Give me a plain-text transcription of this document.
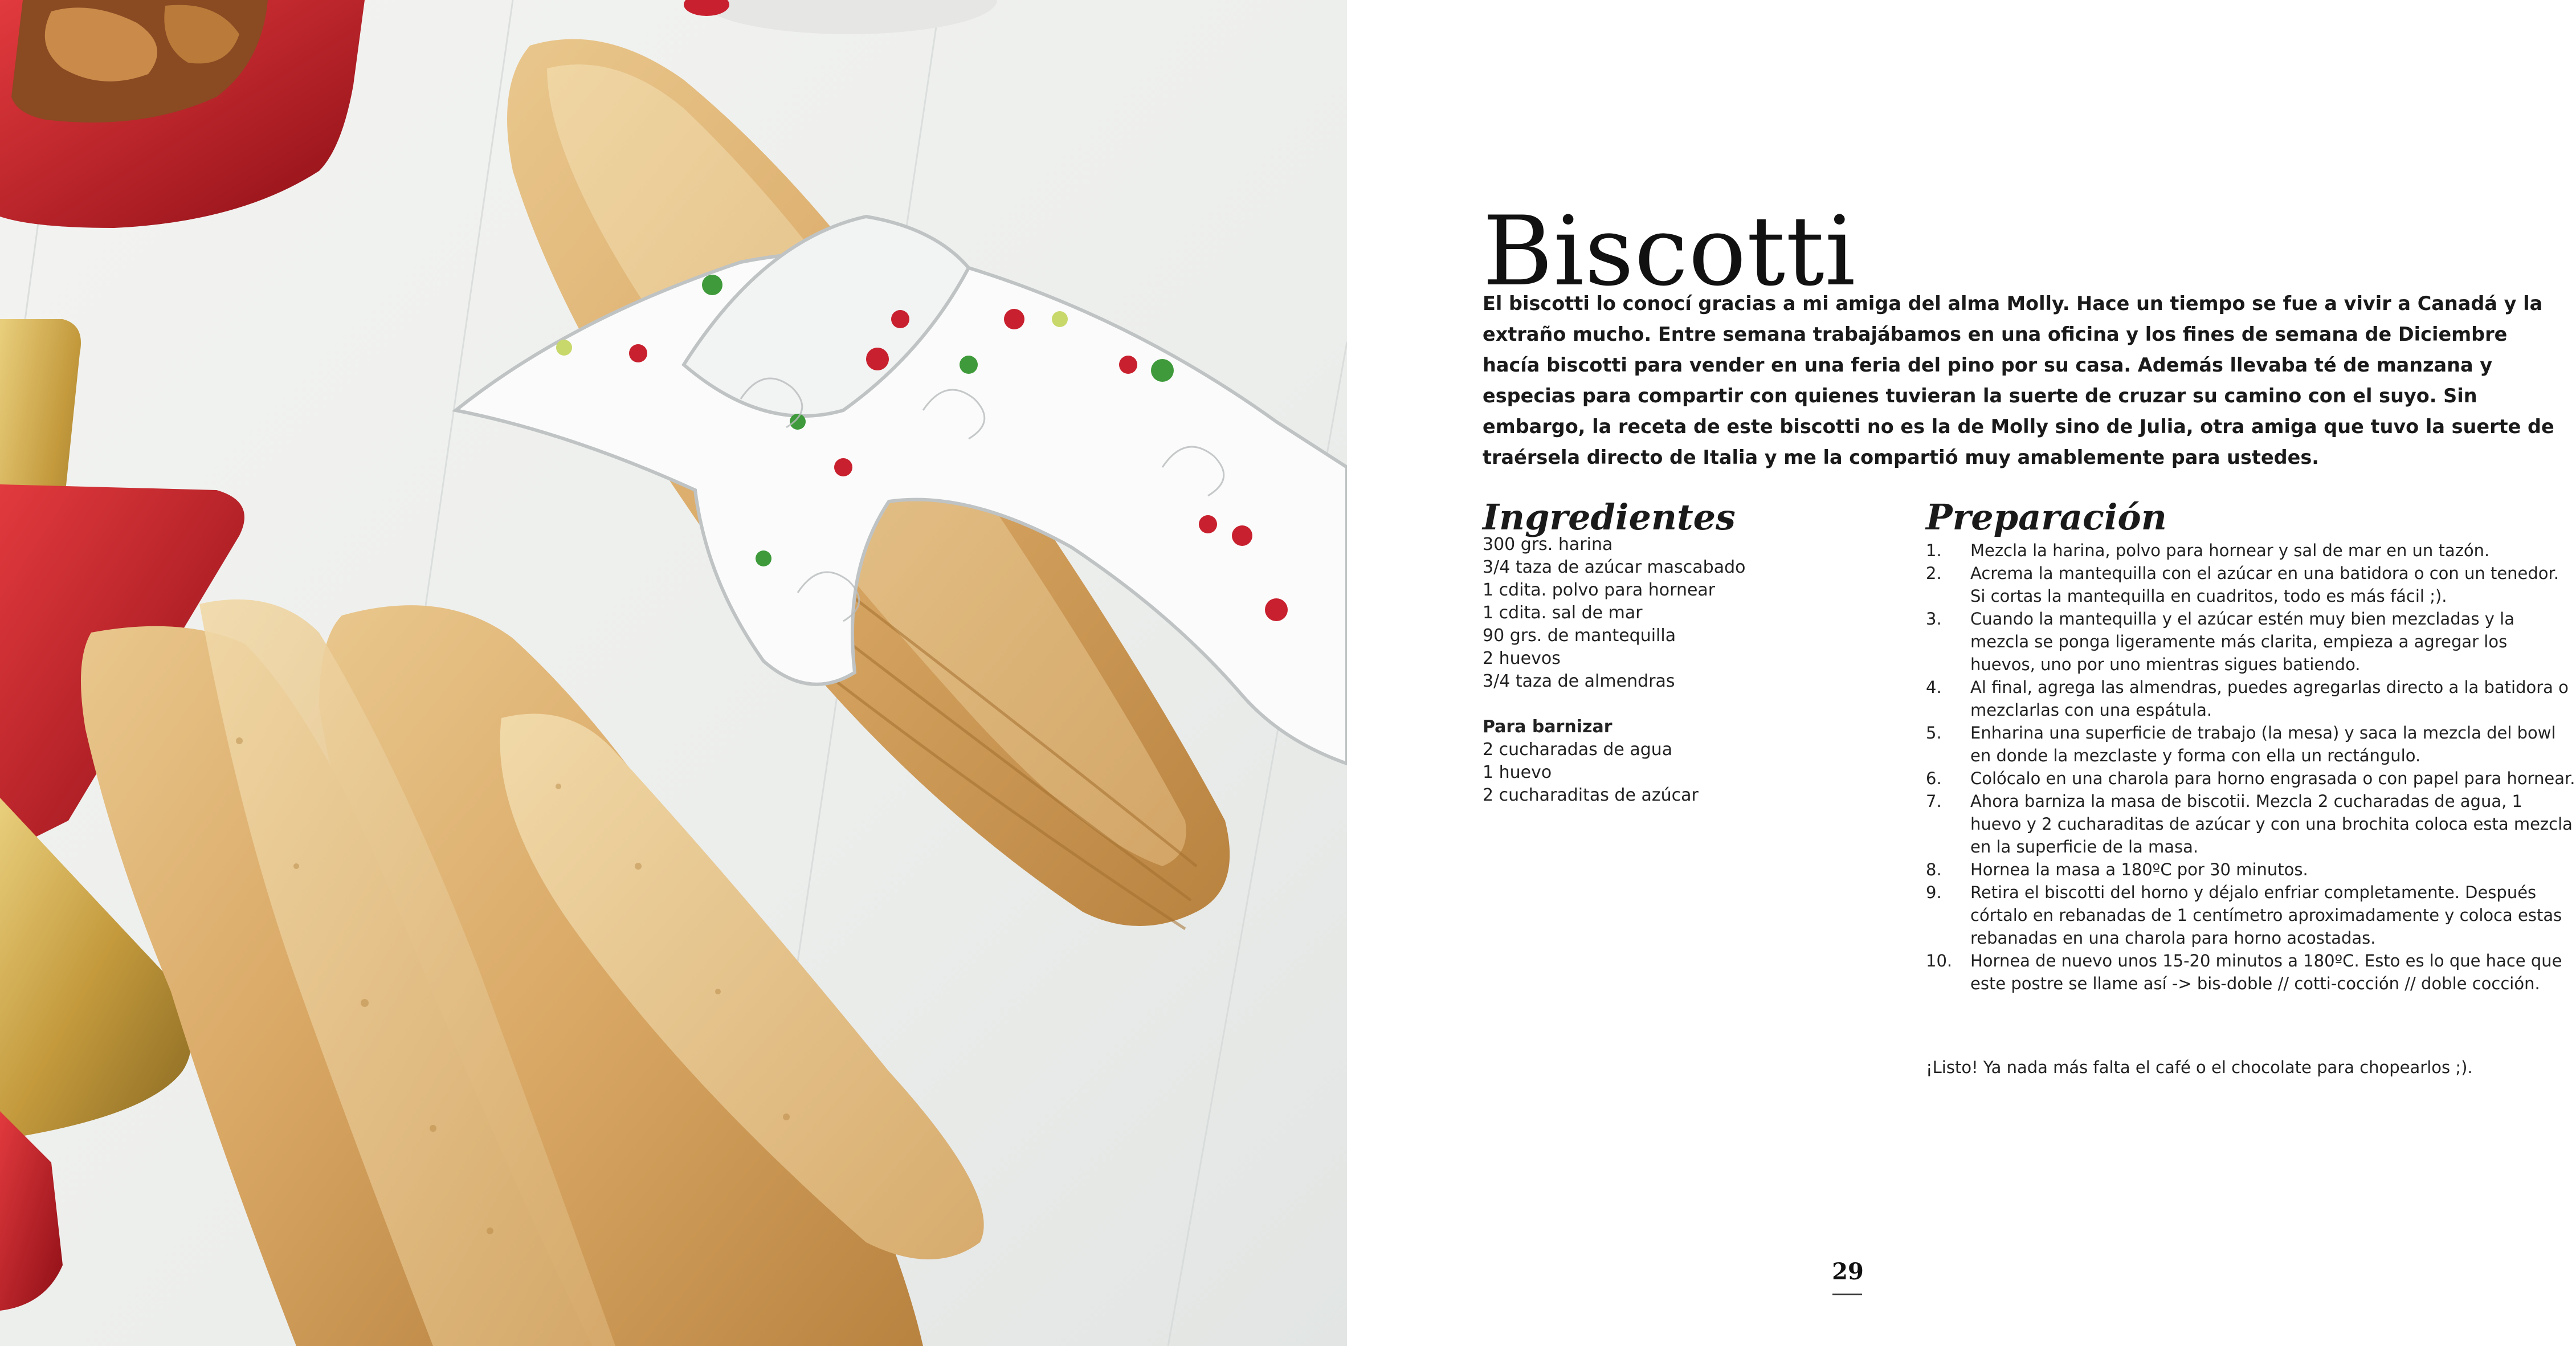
Biscotti

El biscotti lo conocí gracias a mi amiga del alma Molly. Hace un tiempo se fue a vivir a Canadá y la extraño mucho. Entre semana trabajábamos en una oficina y los fines de semana de Diciembre hacía biscotti para vender en una feria del pino por su casa. Además llevaba té de manzana y especias para compartir con quienes tuvieran la suerte de cruzar su camino con el suyo. Sin embargo, la receta de este biscotti no es la de Molly sino de Julia, otra amiga que tuvo la suerte de traérsela directo de Italia y me la compartió muy amablemente para ustedes.

Ingredientes	Preparación
300 grs. harina
3/4 taza de azúcar mascabado
1 cdita. polvo para hornear
1 cdita. sal de mar
90 grs. de mantequilla
2 huevos
3/4 taza de almendras
Para barnizar
2 cucharadas de agua
1 huevo
2 cucharaditas de azúcar
1. Mezcla la harina, polvo para hornear y sal de mar en un tazón.
2. Acrema la mantequilla con el azúcar en una batidora o con un tenedor. Si cortas la mantequilla en cuadritos, todo es más fácil ;).
3. Cuando la mantequilla y el azúcar estén muy bien mezcladas y la mezcla se ponga ligeramente más clarita, empieza a agregar los huevos, uno por uno mientras sigues batiendo.
4. Al final, agrega las almendras, puedes agregarlas directo a la batidora o mezclarlas con una espátula.
5. Enharina una superficie de trabajo (la mesa) y saca la mezcla del bowl en donde la mezclaste y forma con ella un rectángulo.
6. Colócalo en una charola para horno engrasada o con papel para hornear.
7. Ahora barniza la masa de biscotii. Mezcla 2 cucharadas de agua, 1 huevo y 2 cucharaditas de azúcar y con una brochita coloca esta mezcla en la superficie de la masa.
8. Hornea la masa a 180ºC por 30 minutos.
9. Retira el biscotti del horno y déjalo enfriar completamente. Después córtalo en rebanadas de 1 centímetro aproximadamente y coloca estas rebanadas en una charola para horno acostadas.
10. Hornea de nuevo unos 15-20 minutos a 180ºC. Esto es lo que hace que este postre se llame así -> bis-doble // cotti-cocción // doble cocción.

¡Listo! Ya nada más falta el café o el chocolate para chopearlos ;).

29
